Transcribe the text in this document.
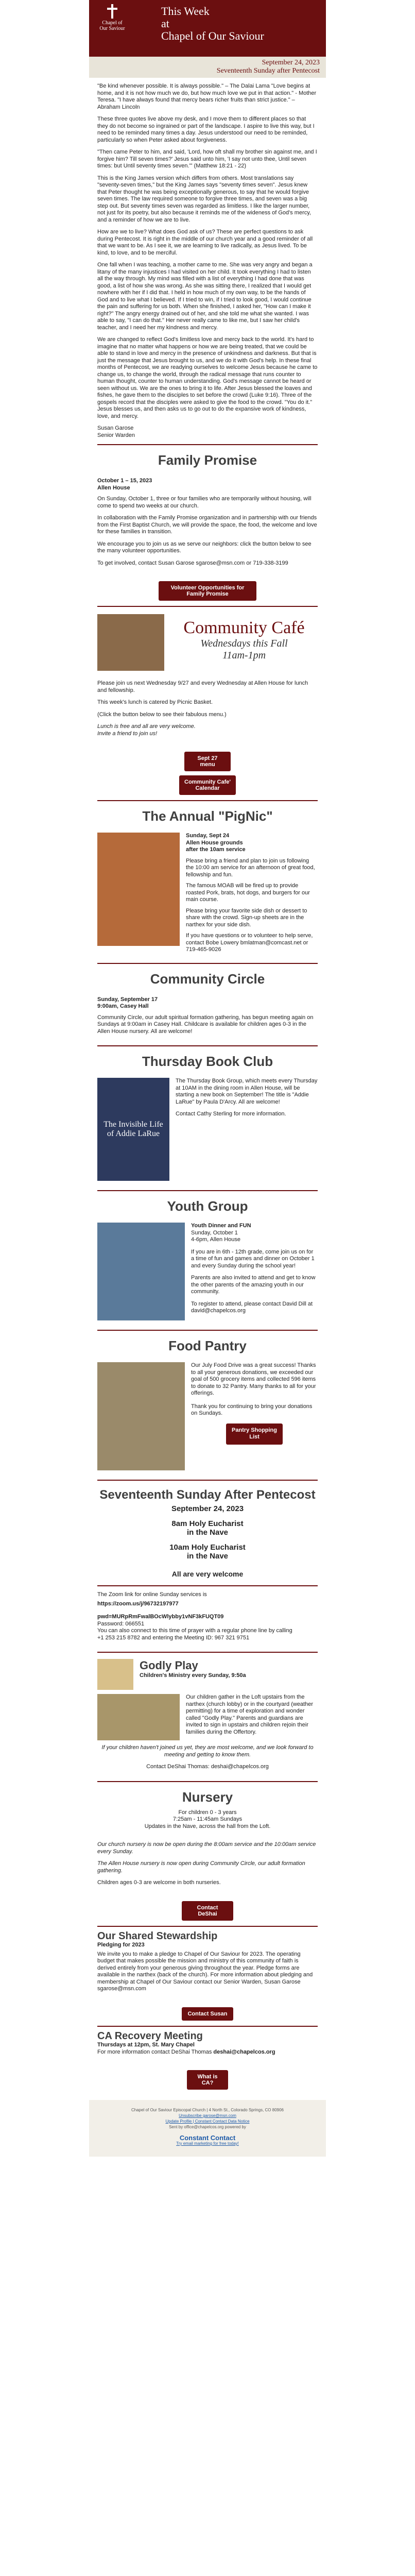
Chapel of
Our Saviour
This Week
at
Chapel of Our Saviour
September 24, 2023
Seventeenth Sunday after Pentecost

"Be kind whenever possible. It is always possible." – The Dalai Lama "Love begins at home, and it is not how much we do, but how much love we put in that action." - Mother Teresa. "I have always found that mercy bears richer fruits than strict justice." – Abraham Lincoln

These three quotes live above my desk, and I move them to different places so that they do not become so ingrained or part of the landscape. I aspire to live this way, but I need to be reminded many times a day. Jesus understood our need to be reminded, particularly so when Peter asked about forgiveness.

"Then came Peter to him, and said, 'Lord, how oft shall my brother sin against me, and I forgive him? Till seven times?' Jesus said unto him, 'I say not unto thee, Until seven times: but Until seventy times seven.'" (Matthew 18:21 - 22)

This is the King James version which differs from others. Most translations say "seventy-seven times," but the King James says "seventy times seven". Jesus knew that Peter thought he was being exceptionally generous, to say that he would forgive seven times. The law required someone to forgive three times, and seven was a big step out. But seventy times seven was regarded as limitless. I like the larger number, not just for its poetry, but also because it reminds me of the wideness of God's mercy, and a reminder of how we are to live.

How are we to live? What does God ask of us? These are perfect questions to ask during Pentecost. It is right in the middle of our church year and a good reminder of all that we want to be. As I see it, we are learning to live radically, as Jesus lived. To be kind, to love, and to be merciful.

One fall when I was teaching, a mother came to me. She was very angry and began a litany of the many injustices I had visited on her child. It took everything I had to listen all the way through. My mind was filled with a list of everything I had done that was good, a list of how she was wrong. As she was sitting there, I realized that I would get nowhere with her if I did that. I held in how much of my own way, to be the hands of God and to live what I believed. If I tried to win, if I tried to look good, I would continue the pain and suffering for us both. When she finished, I asked her, "How can I make it right?" The angry energy drained out of her, and she told me what she wanted. I was able to say, "I can do that." Her never really came to like me, but I saw her child's teacher, and I need her my kindness and mercy.

We are changed to reflect God's limitless love and mercy back to the world. It's hard to imagine that no matter what happens or how we are being treated, that we could be able to stand in love and mercy in the presence of unkindness and darkness. But that is just the message that Jesus brought to us, and we do it with God's help. In these final months of Pentecost, we are readying ourselves to welcome Jesus because he came to change us, to change the world, through the radical message that runs counter to human thought, counter to human understanding. God's message cannot be heard or seen without us. We are the ones to bring it to life. After Jesus blessed the loaves and fishes, he gave them to the disciples to set before the crowd (Luke 9:16). Three of the gospels record that the disciples were asked to give the food to the crowd. "You do it." Jesus blesses us, and then asks us to go out to do the expansive work of kindness, love, and mercy.

Susan Garose
Senior Warden
Family Promise
October 1 – 15, 2023
Allen House

On Sunday, October 1, three or four families who are temporarily without housing, will come to spend two weeks at our church.

In collaboration with the Family Promise organization and in partnership with our friends from the First Baptist Church, we will provide the space, the food, the welcome and love for these families in transition.

We encourage you to join us as we serve our neighbors: click the button below to see the many volunteer opportunities.

To get involved, contact Susan Garose sgarose@msn.com or 719-338-3199

Volunteer Opportunities for Family Promise
Community Café
Wednesdays this Fall
11am-1pm

Please join us next Wednesday 9/27 and every Wednesday at Allen House for lunch and fellowship.

This week's lunch is catered by Picnic Basket.

(Click the button below to see their fabulous menu.)

Lunch is free and all are very welcome.

Invite a friend to join us!

Sept 27 menu
Community Cafe' Calendar
The Annual "PigNic"
Sunday, Sept 24
Allen House grounds
after the 10am service

Please bring a friend and plan to join us following the 10:00 am service for an afternoon of great food, fellowship and fun.

The famous MOAB will be fired up to provide roasted Pork, brats, hot dogs, and burgers for our main course.

Please bring your favorite side dish or dessert to share with the crowd. Sign-up sheets are in the narthex for your side dish.

If you have questions or to volunteer to help serve, contact Bobe Lowery bmlatman@comcast.net or 719-465-9026

Community Circle
Sunday, September 17
9:00am, Casey Hall

Community Circle, our adult spiritual formation gathering, has begun meeting again on Sundays at 9:00am in Casey Hall. Childcare is available for children ages 0-3 in the Allen House nursery. All are welcome!

Thursday Book Club
The Invisible Life of Addie LaRue

The Thursday Book Group, which meets every Thursday at 10AM in the dining room in Allen House, will be starting a new book on September! The title is "Addie LaRue" by Paula D'Arcy. All are welcome!

Contact Cathy Sterling for more information.

Youth Group
Youth Dinner and FUN
Sunday, October 1
4-6pm, Allen House

If you are in 6th - 12th grade, come join us on for a time of fun and games and dinner on October 1 and every Sunday during the school year!

Parents are also invited to attend and get to know the other parents of the amazing youth in our community.

To register to attend, please contact David Dill at david@chapelcos.org

Food Pantry

Our July Food Drive was a great success! Thanks to all your generous donations, we exceeded our goal of 500 grocery items and collected 596 items to donate to 32 Pantry. Many thanks to all for your offerings.

Thank you for continuing to bring your donations on Sundays.

Pantry Shopping List
Seventeenth Sunday After Pentecost
September 24, 2023
8am Holy Eucharist
in the Nave
10am Holy Eucharist
in the Nave
All are very welcome

The Zoom link for online Sunday services is

https://zoom.us/j/96732197977

pwd=MURpRmFwalBOcWlybby1vNF3kFUQT09

Password: 066551

You can also connect to this time of prayer with a regular phone line by calling

+1 253 215 8782 and entering the Meeting ID: 967 321 9751

Godly Play
Children's Ministry every Sunday, 9:50a

Our children gather in the Loft upstairs from the narthex (church lobby) or in the courtyard (weather permitting) for a time of exploration and wonder called "Godly Play." Parents and guardians are invited to sign in upstairs and children rejoin their families during the Offertory.

If your children haven't joined us yet, they are most welcome, and we look forward to meeting and getting to know them.

Contact DeShai Thomas: deshai@chapelcos.org

Nursery
For children 0 - 3 years
7:25am - 11:45am Sundays
Updates in the Nave, across the hall from the Loft.

Our church nursery is now be open during the 8:00am service and the 10:00am service every Sunday.

The Allen House nursery is now open during Community Circle, our adult formation gathering.

Children ages 0-3 are welcome in both nurseries.

Contact DeShai
Our Shared Stewardship
Pledging for 2023

We invite you to make a pledge to Chapel of Our Saviour for 2023. The operating budget that makes possible the mission and ministry of this community of faith is derived entirely from your generous giving throughout the year. Pledge forms are available in the narthex (back of the church). For more information about pledging and membership at Chapel of Our Saviour contact our Senior Warden, Susan Garose sgarose@msn.com

Contact Susan
CA Recovery Meeting
Thursdays at 12pm, St. Mary Chapel

For more information contact DeShai Thomas deshai@chapelcos.org

What is CA?
Chapel of Our Saviour Episcopal Church | 4 North St., Colorado Springs, CO 80906
Unsubscribe garose@msn.com
Update Profile | Constant Contact Data Notice
Sent by office@chapelcos.org powered by
Constant Contact
Try email marketing for free today!
